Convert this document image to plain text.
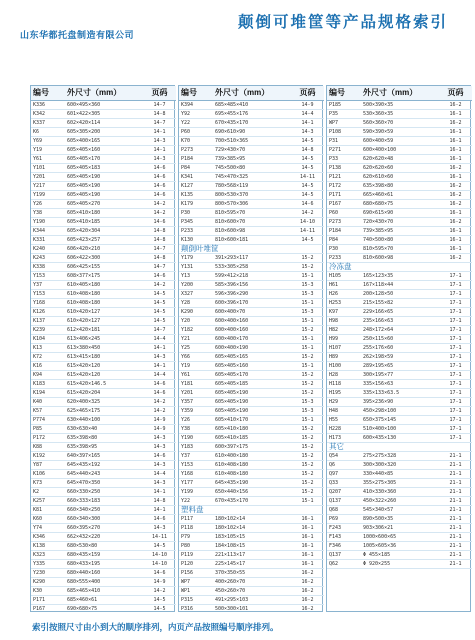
山东华都托盘制造有限公司
颠倒可堆筐等产品规格索引
编号	外尺寸（mm）	页码
K336	600×495×360	14-7
K342	601×422×305	14-8
K337	602×420×114	14-7
K6	605×305×200	14-1
Y69	605×400×165	14-3
Y19	605×405×160	14-1
Y61	605×405×170	14-3
Y101	605×405×183	14-6
Y201	605×405×190	14-6
Y217	605×405×190	14-6
Y199	605×405×190	14-6
Y26	605×405×270	14-2
Y38	605×410×180	14-2
Y190	605×410×185	14-6
K344	605×420×304	14-8
K331	605×423×257	14-8
K240	606×420×210	14-7
K243	606×422×300	14-8
K338	606×425×155	14-7
Y153	608×377×175	14-6
Y37	610×405×180	14-2
Y153	610×408×180	14-5
Y168	610×408×180	14-5
K126	610×420×127	14-5
K137	610×420×127	14-5
K239	612×420×181	14-7
K104	613×406×245	14-4
K13	613×380×450	14-1
K72	613×415×180	14-3
K16	615×420×120	14-1
K94	615×420×120	14-4
K183	615×420×146.5	14-6
K194	615×420×204	14-6
K40	620×400×325	14-2
K57	625×465×175	14-2
P774	630×440×100	14-9
P85	630×630×40	14-9
P172	635×398×80	14-3
K88	635×398×95	14-3
K192	640×397×165	14-6
Y87	645×435×192	14-3
K106	645×440×243	14-4
K73	645×470×350	14-3
K2	660×330×250	14-1
K257	660×333×183	14-8
K81	660×340×250	14-1
K60	660×340×300	14-6
Y74	660×395×270	14-3
K346	662×432×220	14-11
K138	680×530×80	14-5
K323	680×435×159	14-10
Y335	680×433×195	14-10
Y230	680×440×160	14-6
K290	680×555×400	14-9
K30	685×465×410	14-2
P171	685×460×61	14-5
P167	690×680×75	14-5

编号	外尺寸（mm）	页码
K394	685×485×410	14-9
Y92	695×455×176	14-4
Y22	670×435×170	14-1
P60	690×610×90	14-3
K70	700×510×365	14-5
P273	729×430×70	14-8
P184	739×385×95	14-5
P84	745×500×80	14-5
K341	745×470×325	14-11
K127	780×568×119	14-5
K135	800×530×370	14-5
K179	800×570×306	14-6
P30	810×595×70	14-2
P345	810×600×70	14-10
P233	810×600×98	14-11
K130	810×600×181	14-5
颠倒叶堆筐		
Y179	391×293×117	15-2
Y131	533×305×258	15-2
Y13	599×412×218	15-1
Y200	585×396×156	15-3
X327	596×396×290	15-3
Y28	600×396×170	15-1
K290	600×400×70	15-3
Y20	600×400×160	15-1
Y182	600×400×160	15-2
Y21	600×400×170	15-1
Y25	600×400×190	15-1
Y66	605×405×165	15-2
Y19	605×405×160	15-1
Y61	605×405×170	15-2
Y181	605×405×185	15-2
Y201	605×405×190	15-2
Y357	605×405×190	15-3
Y359	605×405×190	15-3
Y26	605×410×170	15-1
Y38	605×410×180	15-2
Y190	605×410×185	15-2
Y183	600×397×175	15-2
Y37	610×400×180	15-2
Y153	610×408×180	15-2
Y168	610×408×180	15-2
Y177	645×435×190	15-2
Y199	650×440×156	15-2
Y22	670×435×170	15-1
塑料盘		
P117	180×102×14	16-1
P118	180×102×14	16-1
P79	183×105×15	16-1
P80	184×108×15	16-1
P119	221×113×17	16-1
P120	225×145×17	16-1
P156	370×350×55	16-2
WP7	400×260×70	16-2
WP1	450×260×70	16-2
P315	491×295×103	16-2
P316	500×300×101	16-2

编号	外尺寸（mm）	页码
P185	500×390×35	16-2
P35	530×360×35	16-1
WP7	560×360×70	16-2
P108	590×390×59	16-1
P31	600×400×59	16-1
P271	600×400×100	16-1
P33	620×620×48	16-1
P138	620×620×60	16-2
P121	620×610×60	16-1
P172	635×398×80	16-2
P171	665×460×61	16-2
P167	680×680×75	16-2
P60	690×615×90	16-1
P273	720×430×70	16-2
P184	739×385×95	16-1
P84	740×500×80	16-1
P30	810×595×70	16-1
P233	810×600×98	16-2
冷冻盘		
H105	165×123×35	17-1
H61	167×118×44	17-1
H26	200×128×50	17-1
H253	215×155×82	17-1
K97	229×166×65	17-1
H98	235×166×63	17-1
H82	248×172×64	17-1
H99	250×115×60	17-1
H107	255×176×60	17-1
H89	262×198×59	17-1
H100	289×195×65	17-1
H28	300×195×77	17-1
H118	335×156×63	17-1
H195	335×133×63.5	17-1
H29	395×236×90	17-1
H48	450×298×100	17-1
H55	650×375×145	17-1
H228	510×400×100	17-1
H173	600×435×130	17-1
其它		
Q54	275×275×328	21-1
Q6	300×300×320	21-1
Q97	330×440×85	21-1
Q33	355×275×305	21-1
Q207	410×330×360	21-1
Q137	450×322×260	21-1
Q68	545×340×57	21-1
P69	890×500×35	21-1
F243	903×306×21	21-1
F143	1000×600×65	21-1
F346	1005×605×36	21-1
Q137	Φ 455×185	21-1
Q62	Φ 920×255	21-1
索引按照尺寸由小到大的顺序排列，内页产品按照编号顺序排列。
